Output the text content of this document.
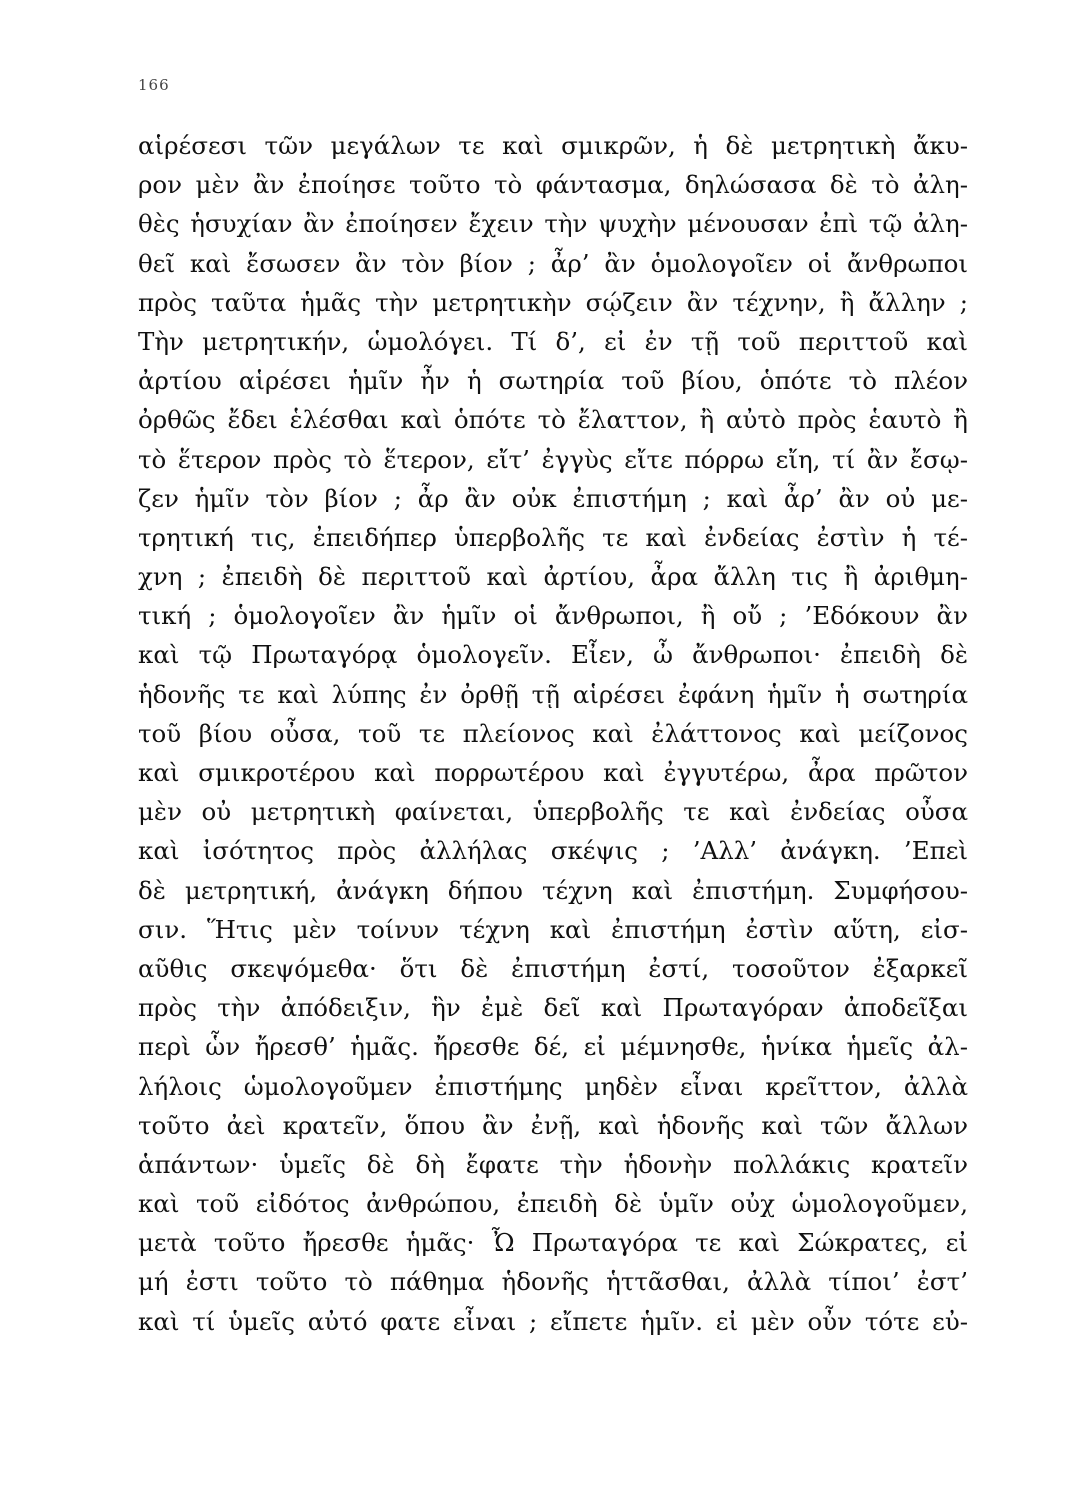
166
αἱρέσεσι τῶν μεγάλων τε καὶ σμικρῶν, ἡ δὲ μετρητικὴ ἄκυ-
ρον μὲν ἂν ἐποίησε τοῦτο τὸ φάντασμα, δηλώσασα δὲ τὸ ἀλη-
θὲς ἡσυχίαν ἂν ἐποίησεν ἔχειν τὴν ψυχὴν μένουσαν ἐπὶ τῷ ἀλη-
θεῖ καὶ ἔσωσεν ἂν τὸν βίον ; ἆρ’ ἂν ὁμολογοῖεν οἱ ἄνθρωποι
πρὸς ταῦτα ἡμᾶς τὴν μετρητικὴν σῴζειν ἂν τέχνην, ἢ ἄλλην ;
Τὴν μετρητικήν, ὡμολόγει. Τί δ’, εἰ ἐν τῇ τοῦ περιττοῦ καὶ
ἀρτίου αἱρέσει ἡμῖν ἦν ἡ σωτηρία τοῦ βίου, ὁπότε τὸ πλέον
ὀρθῶς ἔδει ἑλέσθαι καὶ ὁπότε τὸ ἔλαττον, ἢ αὐτὸ πρὸς ἑαυτὸ ἢ
τὸ ἕτερον πρὸς τὸ ἕτερον, εἴτ’ ἐγγὺς εἴτε πόρρω εἴη, τί ἂν ἔσῳ-
ζεν ἡμῖν τὸν βίον ; ἆρ ἂν οὐκ ἐπιστήμη ; καὶ ἆρ’ ἂν οὐ με-
τρητική τις, ἐπειδήπερ ὑπερβολῆς τε καὶ ἐνδείας ἐστὶν ἡ τέ-
χνη ; ἐπειδὴ δὲ περιττοῦ καὶ ἀρτίου, ἆρα ἄλλη τις ἢ ἀριθμη-
τική ; ὁμολογοῖεν ἂν ἡμῖν οἱ ἄνθρωποι, ἢ οὔ ; ’Εδόκουν ἂν
καὶ τῷ Πρωταγόρᾳ ὁμολογεῖν. Εἶεν, ὦ ἄνθρωποι· ἐπειδὴ δὲ
ἡδονῆς τε καὶ λύπης ἐν ὀρθῇ τῇ αἱρέσει ἐφάνη ἡμῖν ἡ σωτηρία
τοῦ βίου οὖσα, τοῦ τε πλείονος καὶ ἐλάττονος καὶ μείζονος
καὶ σμικροτέρου καὶ πορρωτέρου καὶ ἐγγυτέρω, ἆρα πρῶτον
μὲν οὐ μετρητικὴ φαίνεται, ὑπερβολῆς τε καὶ ἐνδείας οὖσα
καὶ ἰσότητος πρὸς ἀλλήλας σκέψις ; ’Αλλ’ ἀνάγκη. ’Επεὶ
δὲ μετρητική, ἀνάγκη δήπου τέχνη καὶ ἐπιστήμη. Συμφήσου-
σιν. Ἥτις μὲν τοίνυν τέχνη καὶ ἐπιστήμη ἐστὶν αὕτη, εἰσ-
αῦθις σκεψόμεθα· ὅτι δὲ ἐπιστήμη ἐστί, τοσοῦτον ἐξαρκεῖ
πρὸς τὴν ἀπόδειξιν, ἣν ἐμὲ δεῖ καὶ Πρωταγόραν ἀποδεῖξαι
περὶ ὧν ἤρεσθ’ ἡμᾶς. ἤρεσθε δέ, εἰ μέμνησθε, ἡνίκα ἡμεῖς ἀλ-
λήλοις ὡμολογοῦμεν ἐπιστήμης μηδὲν εἶναι κρεῖττον, ἀλλὰ
τοῦτο ἀεὶ κρατεῖν, ὅπου ἂν ἐνῇ, καὶ ἡδονῆς καὶ τῶν ἄλλων
ἁπάντων· ὑμεῖς δὲ δὴ ἔφατε τὴν ἡδονὴν πολλάκις κρατεῖν
καὶ τοῦ εἰδότος ἀνθρώπου, ἐπειδὴ δὲ ὑμῖν οὐχ ὡμολογοῦμεν,
μετὰ τοῦτο ἤρεσθε ἡμᾶς· Ὦ Πρωταγόρα τε καὶ Σώκρατες, εἰ
μή ἐστι τοῦτο τὸ πάθημα ἡδονῆς ἡττᾶσθαι, ἀλλὰ τίποι’ ἐστ’
καὶ τί ὑμεῖς αὐτό φατε εἶναι ; εἴπετε ἡμῖν. εἰ μὲν οὖν τότε εὐ-
